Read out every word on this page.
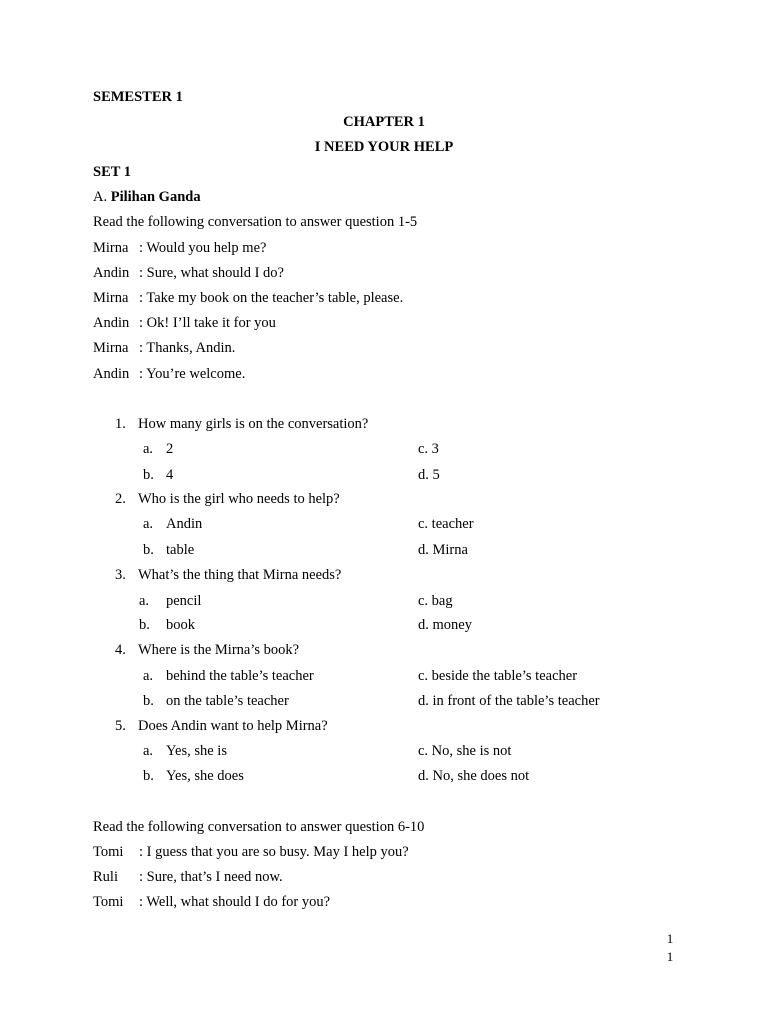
SEMESTER 1
CHAPTER 1
I NEED YOUR HELP
SET 1
A. Pilihan Ganda
Read the following conversation to answer question 1-5
Mirna : Would you help me?
Andin : Sure, what should I do?
Mirna : Take my book on the teacher’s table, please.
Andin : Ok! I’ll take it for you
Mirna : Thanks, Andin.
Andin : You’re welcome.
1. How many girls is on the conversation?
a. 2	c. 3
b. 4	d. 5
2. Who is the girl who needs to help?
a. Andin	c. teacher
b. table	d. Mirna
3. What’s the thing that Mirna needs?
a. pencil	c. bag
b. book	d. money
4. Where is the Mirna’s book?
a. behind the table’s teacher	c. beside the table’s teacher
b. on the table’s teacher	d. in front of the table’s teacher
5. Does Andin want to help Mirna?
a. Yes, she is	c. No, she is not
b. Yes, she does	d. No, she does not
Read the following conversation to answer question 6-10
Tomi : I guess that you are so busy. May I help you?
Ruli : Sure, that’s I need now.
Tomi : Well, what should I do for you?
1
1
